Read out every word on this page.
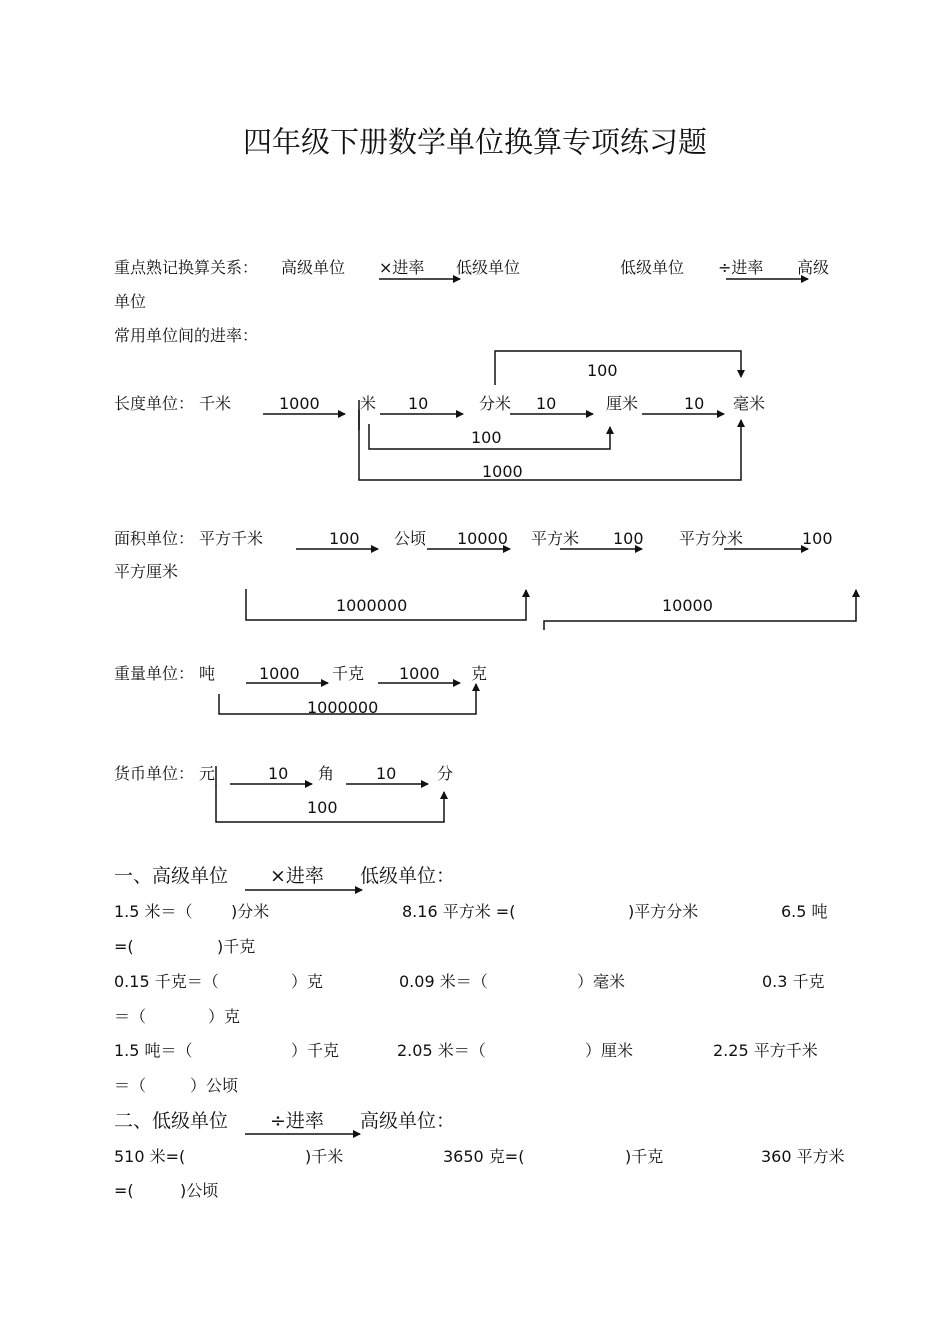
四年级下册数学单位换算专项练习题
重点熟记换算关系： 高级单位 ×进率 低级单位	低级单位 ÷进率 高级
单位
常用单位间的进率：
长度单位： 千米	米	分米	厘米	毫米
1000	10	10	10
100
100
1000
面积单位： 平方千米	公顷	平方米	平方分米
平方厘米
100	10000	100	100
1000000	10000
重量单位： 吨	千克	克
1000	1000
1000000
货币单位： 元	角	分
10	10
100
一、高级单位 ×进率 低级单位：
1.5 米＝（ )分米	8.16 平方米 =(	)平方分米	6.5 吨
=(	)千克
0.15 千克＝（	）克	0.09 米＝（	）毫米	0.3 千克
＝（	）克
1.5 吨＝（	）千克	2.05 米＝（	）厘米	2.25 平方千米
＝（	）公顷
二、低级单位 ÷进率 高级单位：
510 米=(	)千米	3650 克=(	)千克	360 平方米
=(	)公顷
